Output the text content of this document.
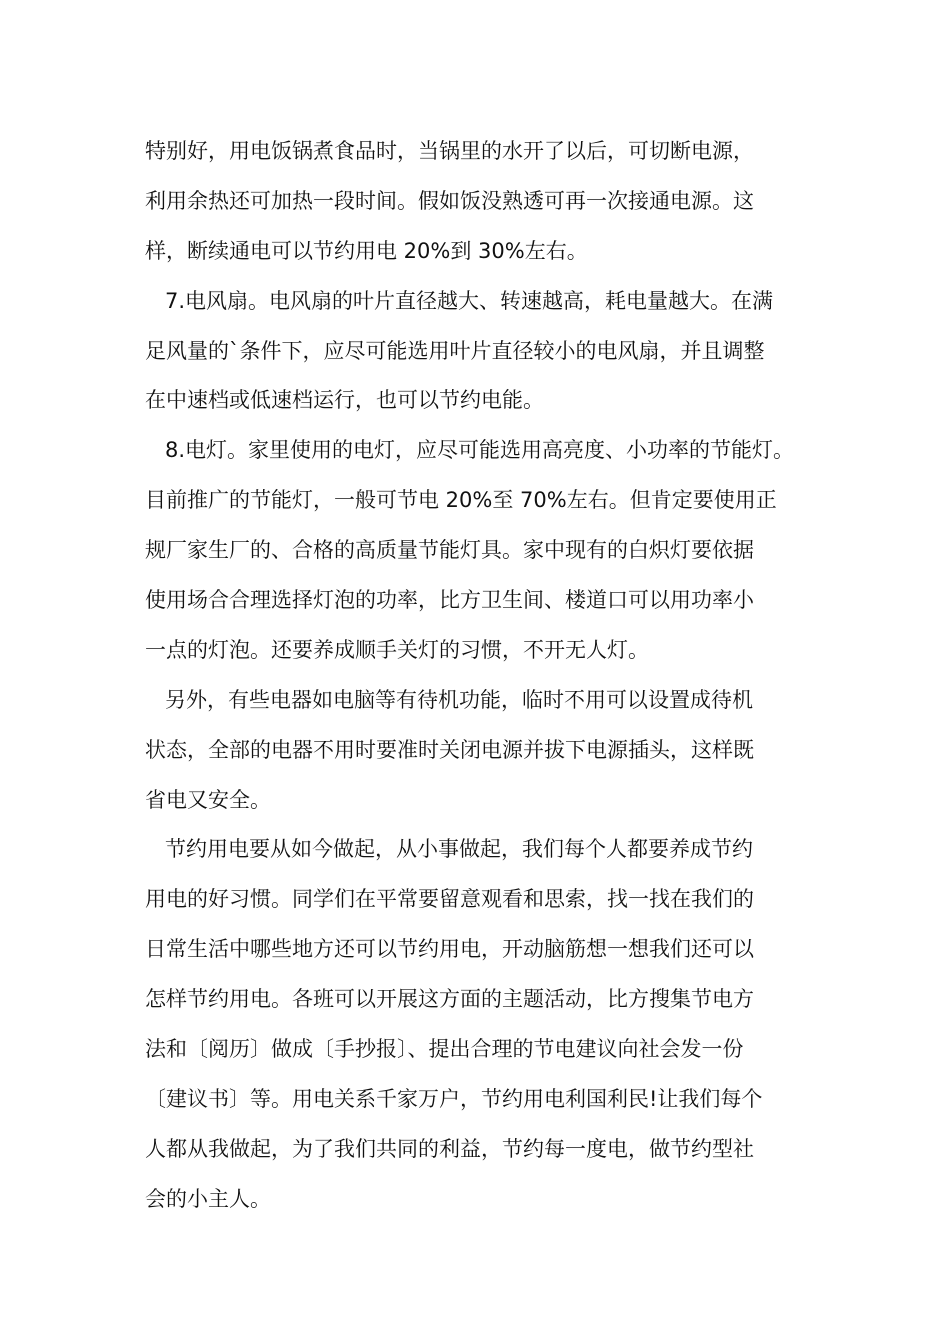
特别好，用电饭锅煮食品时，当锅里的水开了以后，可切断电源，
利用余热还可加热一段时间。假如饭没熟透可再一次接通电源。这
样，断续通电可以节约用电 20%到 30%左右。
7.电风扇。电风扇的叶片直径越大、转速越高，耗电量越大。在满
足风量的`条件下，应尽可能选用叶片直径较小的电风扇，并且调整
在中速档或低速档运行，也可以节约电能。
8.电灯。家里使用的电灯，应尽可能选用高亮度、小功率的节能灯。
目前推广的节能灯，一般可节电 20%至 70%左右。但肯定要使用正
规厂家生厂的、合格的高质量节能灯具。家中现有的白炽灯要依据
使用场合合理选择灯泡的功率，比方卫生间、楼道口可以用功率小
一点的灯泡。还要养成顺手关灯的习惯，不开无人灯。
另外，有些电器如电脑等有待机功能，临时不用可以设置成待机
状态，全部的电器不用时要准时关闭电源并拔下电源插头，这样既
省电又安全。
节约用电要从如今做起，从小事做起，我们每个人都要养成节约
用电的好习惯。同学们在平常要留意观看和思索，找一找在我们的
日常生活中哪些地方还可以节约用电，开动脑筋想一想我们还可以
怎样节约用电。各班可以开展这方面的主题活动，比方搜集节电方
法和〔阅历〕做成〔手抄报〕、提出合理的节电建议向社会发一份
〔建议书〕等。用电关系千家万户，节约用电利国利民!让我们每个
人都从我做起，为了我们共同的利益，节约每一度电，做节约型社
会的小主人。
